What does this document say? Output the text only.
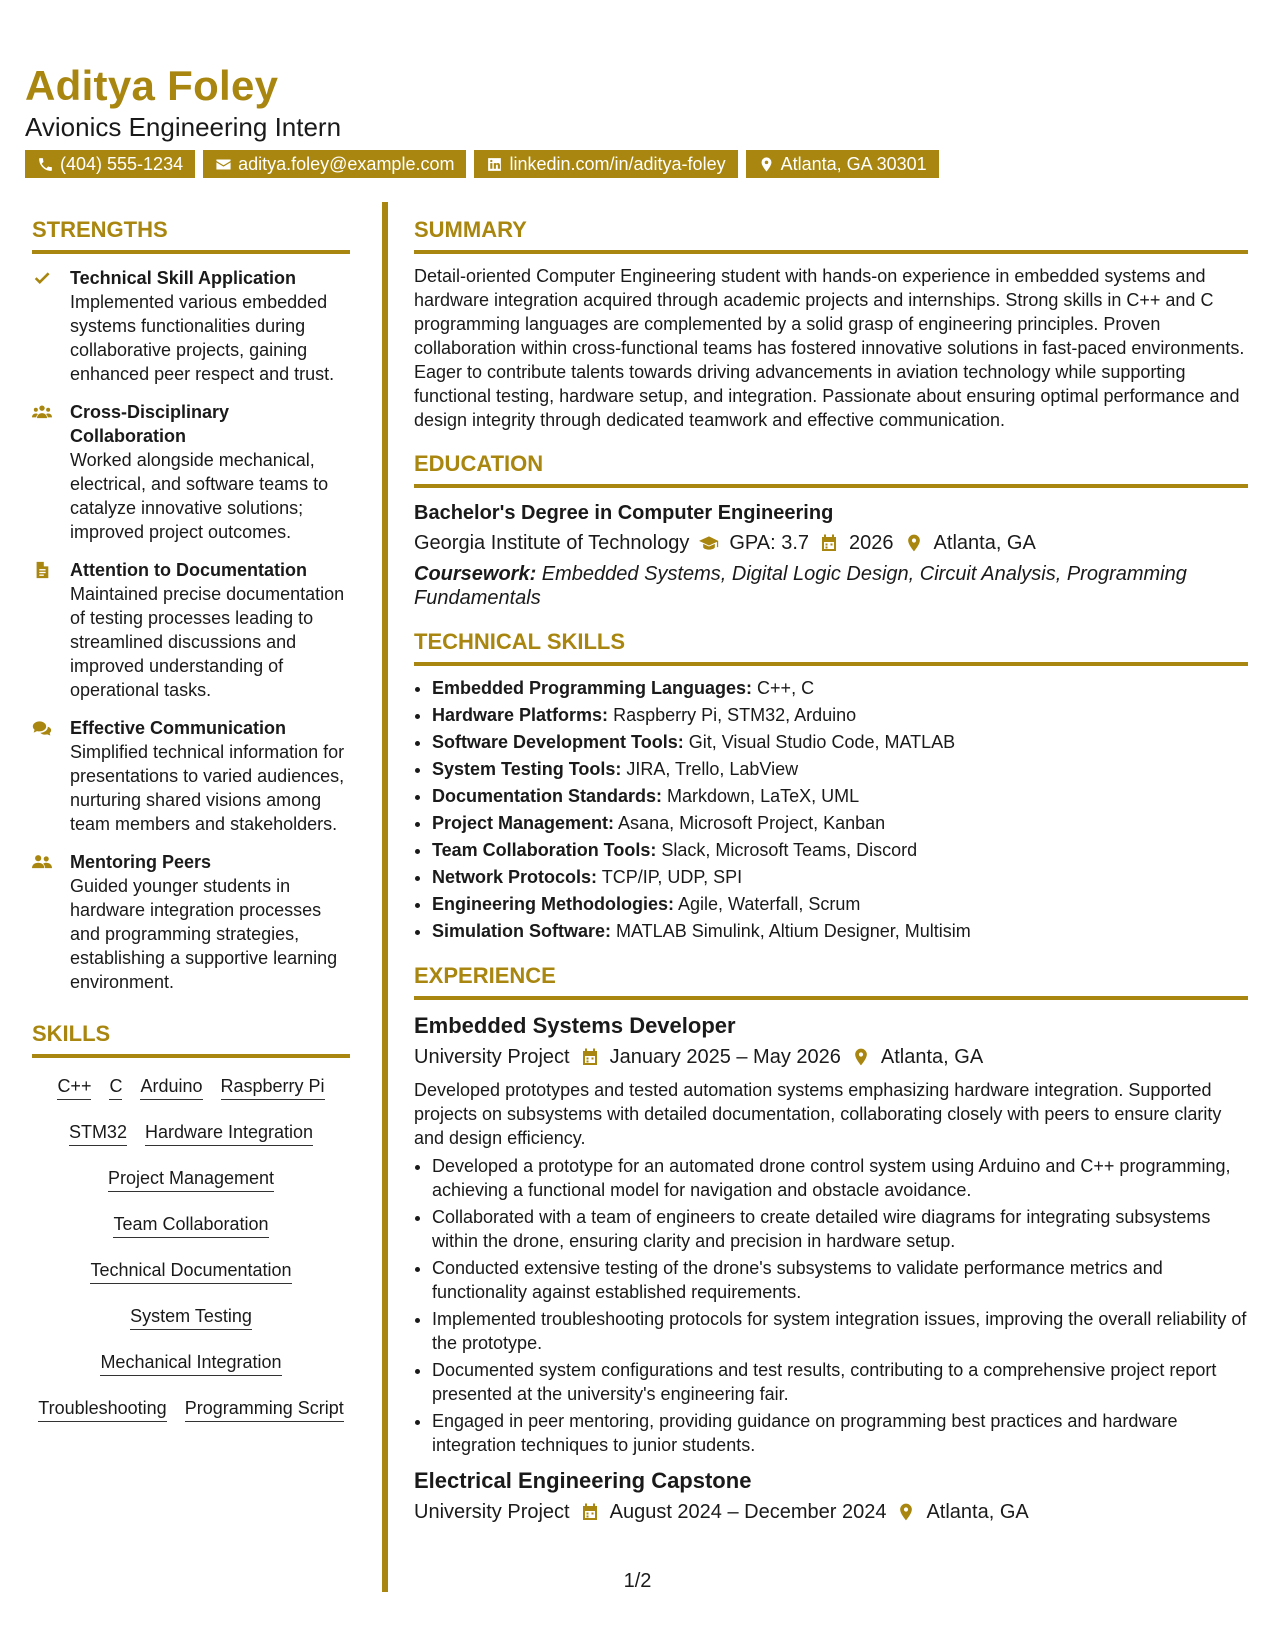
Aditya Foley

Avionics Engineering Intern

(404) 555-1234	aditya.foley@example.com	linkedin.com/in/aditya-foley	Atlanta, GA 30301
STRENGTHS
Technical Skill Application
Implemented various embedded systems functionalities during collaborative projects, gaining enhanced peer respect and trust.
Cross-Disciplinary Collaboration
Worked alongside mechanical, electrical, and software teams to catalyze innovative solutions; improved project outcomes.
Attention to Documentation
Maintained precise documentation of testing processes leading to streamlined discussions and improved understanding of operational tasks.
Effective Communication
Simplified technical information for presentations to varied audiences, nurturing shared visions among team members and stakeholders.
Mentoring Peers
Guided younger students in hardware integration processes and programming strategies, establishing a supportive learning environment.
SKILLS
C++ C Arduino Raspberry Pi
STM32 Hardware Integration
Project Management
Team Collaboration
Technical Documentation
System Testing
Mechanical Integration
Troubleshooting Programming Script
SUMMARY

Detail-oriented Computer Engineering student with hands-on experience in embedded systems and hardware integration acquired through academic projects and internships. Strong skills in C++ and C programming languages are complemented by a solid grasp of engineering principles. Proven collaboration within cross-functional teams has fostered innovative solutions in fast-paced environments. Eager to contribute talents towards driving advancements in aviation technology while supporting functional testing, hardware setup, and integration. Passionate about ensuring optimal performance and design integrity through dedicated teamwork and effective communication.

EDUCATION

Bachelor's Degree in Computer Engineering

Georgia Institute of Technology GPA: 3.7 2026 Atlanta, GA

Coursework: Embedded Systems, Digital Logic Design, Circuit Analysis, Programming Fundamentals

TECHNICAL SKILLS
• Embedded Programming Languages: C++, C
• Hardware Platforms: Raspberry Pi, STM32, Arduino
• Software Development Tools: Git, Visual Studio Code, MATLAB
• System Testing Tools: JIRA, Trello, LabView
• Documentation Standards: Markdown, LaTeX, UML
• Project Management: Asana, Microsoft Project, Kanban
• Team Collaboration Tools: Slack, Microsoft Teams, Discord
• Network Protocols: TCP/IP, UDP, SPI
• Engineering Methodologies: Agile, Waterfall, Scrum
• Simulation Software: MATLAB Simulink, Altium Designer, Multisim
EXPERIENCE

Embedded Systems Developer

University Project January 2025 – May 2026 Atlanta, GA

Developed prototypes and tested automation systems emphasizing hardware integration. Supported projects on subsystems with detailed documentation, collaborating closely with peers to ensure clarity and design efficiency.

• Developed a prototype for an automated drone control system using Arduino and C++ programming, achieving a functional model for navigation and obstacle avoidance.
• Collaborated with a team of engineers to create detailed wire diagrams for integrating subsystems within the drone, ensuring clarity and precision in hardware setup.
• Conducted extensive testing of the drone's subsystems to validate performance metrics and functionality against established requirements.
• Implemented troubleshooting protocols for system integration issues, improving the overall reliability of the prototype.
• Documented system configurations and test results, contributing to a comprehensive project report presented at the university's engineering fair.
• Engaged in peer mentoring, providing guidance on programming best practices and hardware integration techniques to junior students.

Electrical Engineering Capstone

University Project August 2024 – December 2024 Atlanta, GA
1/2
